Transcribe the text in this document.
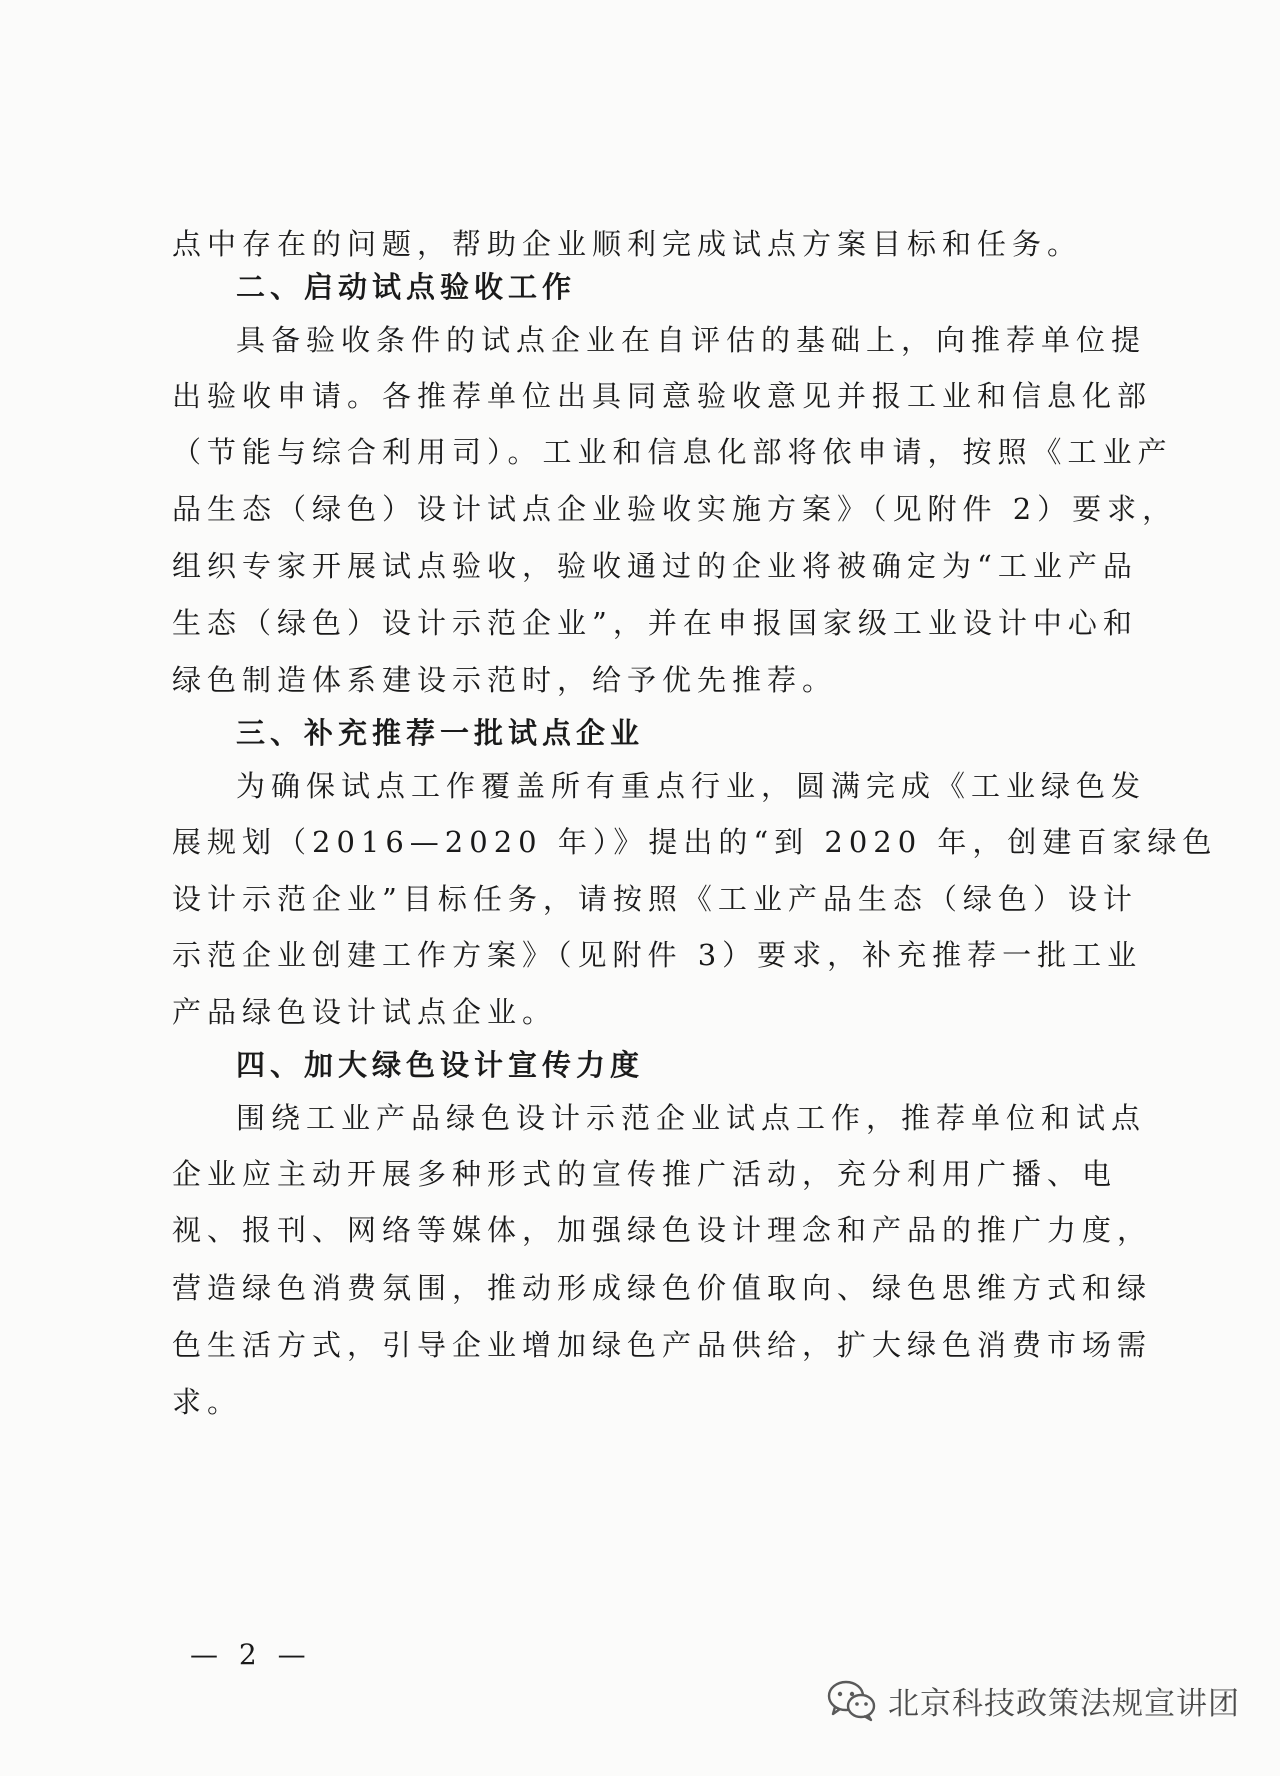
点中存在的问题，帮助企业顺利完成试点方案目标和任务。
二、启动试点验收工作
具备验收条件的试点企业在自评估的基础上，向推荐单位提
出验收申请。各推荐单位出具同意验收意见并报工业和信息化部
（节能与综合利用司）。工业和信息化部将依申请，按照《工业产
品生态（绿色）设计试点企业验收实施方案》（见附件 2）要求，
组织专家开展试点验收，验收通过的企业将被确定为“工业产品
生态（绿色）设计示范企业”，并在申报国家级工业设计中心和
绿色制造体系建设示范时，给予优先推荐。
三、补充推荐一批试点企业
为确保试点工作覆盖所有重点行业，圆满完成《工业绿色发
展规划（2016—2020 年）》提出的“到 2020 年，创建百家绿色
设计示范企业”目标任务，请按照《工业产品生态（绿色）设计
示范企业创建工作方案》（见附件 3）要求，补充推荐一批工业
产品绿色设计试点企业。
四、加大绿色设计宣传力度
围绕工业产品绿色设计示范企业试点工作，推荐单位和试点
企业应主动开展多种形式的宣传推广活动，充分利用广播、电
视、报刊、网络等媒体，加强绿色设计理念和产品的推广力度，
营造绿色消费氛围，推动形成绿色价值取向、绿色思维方式和绿
色生活方式，引导企业增加绿色产品供给，扩大绿色消费市场需
求。
— 2 —
北京科技政策法规宣讲团
